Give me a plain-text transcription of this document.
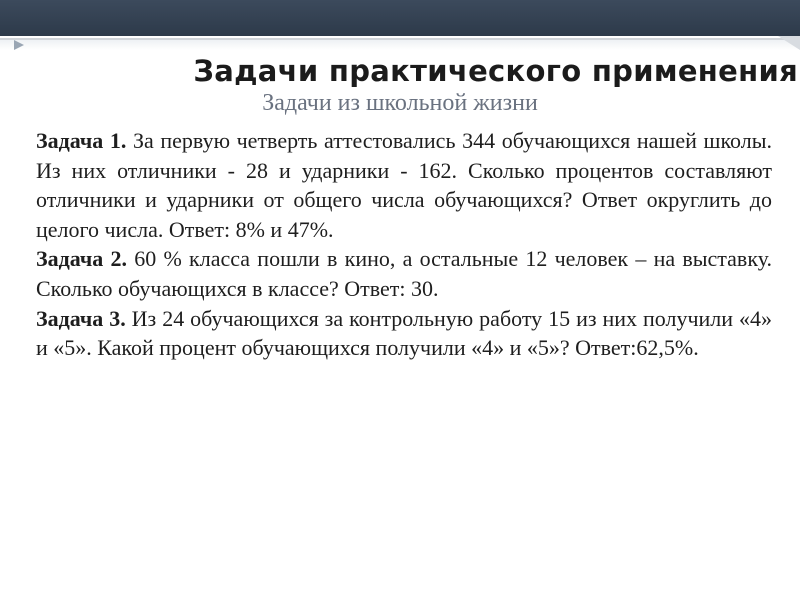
Задачи практического применения
Задачи из школьной жизни

Задача 1. За первую четверть аттестовались 344 обучающихся нашей школы. Из них отличники - 28 и ударники - 162. Сколько процентов составляют отличники и ударники от общего числа обучающихся? Ответ округлить до целого числа. Ответ: 8% и 47%.

Задача 2. 60 % класса пошли в кино, а остальные 12 человек – на выставку. Сколько обучающихся в классе? Ответ: 30.

Задача 3. Из 24 обучающихся за контрольную работу 15 из них получили «4» и «5». Какой процент обучающихся получили «4» и «5»? Ответ:62,5%.
